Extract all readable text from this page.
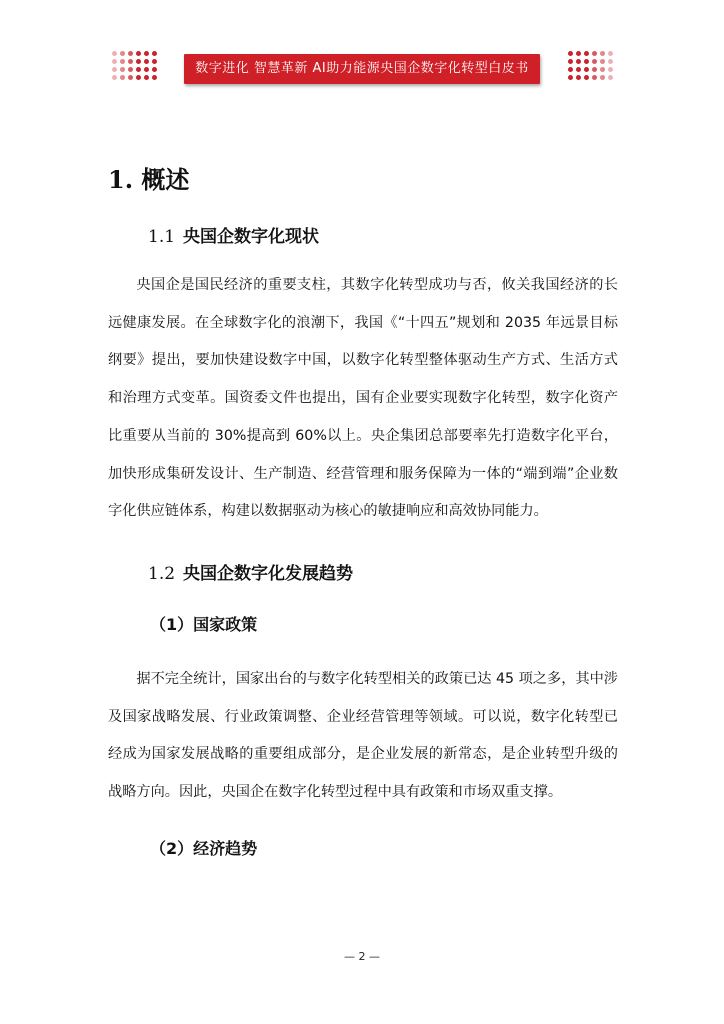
数字进化 智慧革新 AI助力能源央国企数字化转型白皮书
1. 概述
1.1 央国企数字化现状

央国企是国民经济的重要支柱，其数字化转型成功与否，攸关我国经济的长远健康发展。在全球数字化的浪潮下，我国《“十四五”规划和 2035 年远景目标纲要》提出，要加快建设数字中国，以数字化转型整体驱动生产方式、生活方式和治理方式变革。国资委文件也提出，国有企业要实现数字化转型，数字化资产比重要从当前的 30%提高到 60%以上。央企集团总部要率先打造数字化平台，加快形成集研发设计、生产制造、经营管理和服务保障为一体的“端到端”企业数字化供应链体系，构建以数据驱动为核心的敏捷响应和高效协同能力。

1.2 央国企数字化发展趋势
（1）国家政策

据不完全统计，国家出台的与数字化转型相关的政策已达 45 项之多，其中涉及国家战略发展、行业政策调整、企业经营管理等领域。可以说，数字化转型已经成为国家发展战略的重要组成部分，是企业发展的新常态，是企业转型升级的战略方向。因此，央国企在数字化转型过程中具有政策和市场双重支撑。

（2）经济趋势
— 2 —
